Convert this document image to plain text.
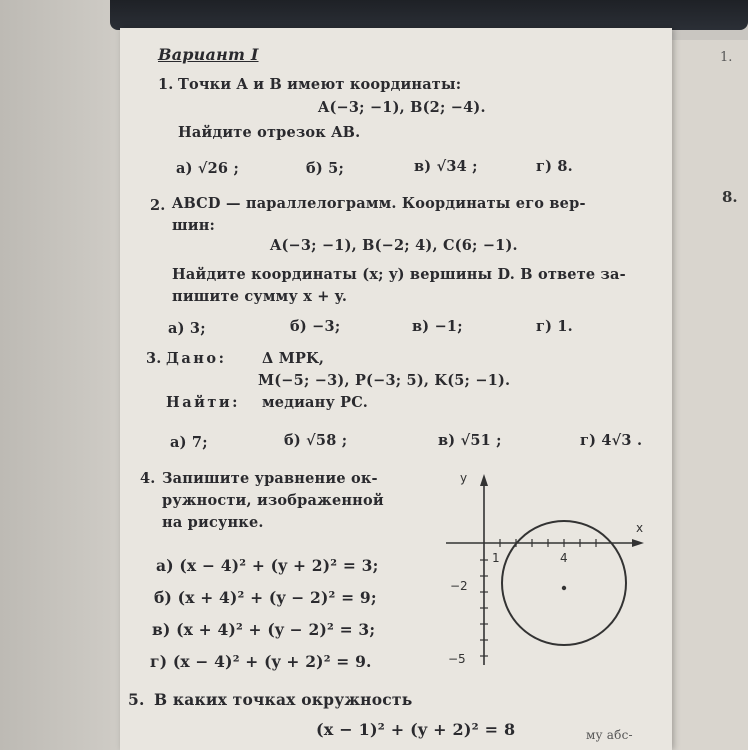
1.
8.
Вариант I
1. Точки A и B имеют координаты:
A(−3; −1), B(2; −4).
Найдите отрезок AB.
а) √26 ;	б) 5;	в) √34 ;	г) 8.
2. ABCD — параллелограмм. Координаты его вер-
шин:
A(−3; −1), B(−2; 4), C(6; −1).
Найдите координаты (x; y) вершины D. В ответе за-
пишите сумму x + y.
а) 3;	б) −3;	в) −1;	г) 1.
3. Дано: Δ MPK,
M(−5; −3), P(−3; 5), K(5; −1).
Найти: медиану PC.
а) 7;	б) √58 ;	в) √51 ;	г) 4√3 .
4. Запишите уравнение ок-
ружности, изображенной
на рисунке.
а) (x − 4)² + (y + 2)² = 3;
б) (x + 4)² + (y − 2)² = 9;
в) (x + 4)² + (y − 2)² = 3;
г) (x − 4)² + (y + 2)² = 9.
y
x
1	4
−2
−5
5. В каких точках окружность
(x − 1)² + (y + 2)² = 8	му абс-
